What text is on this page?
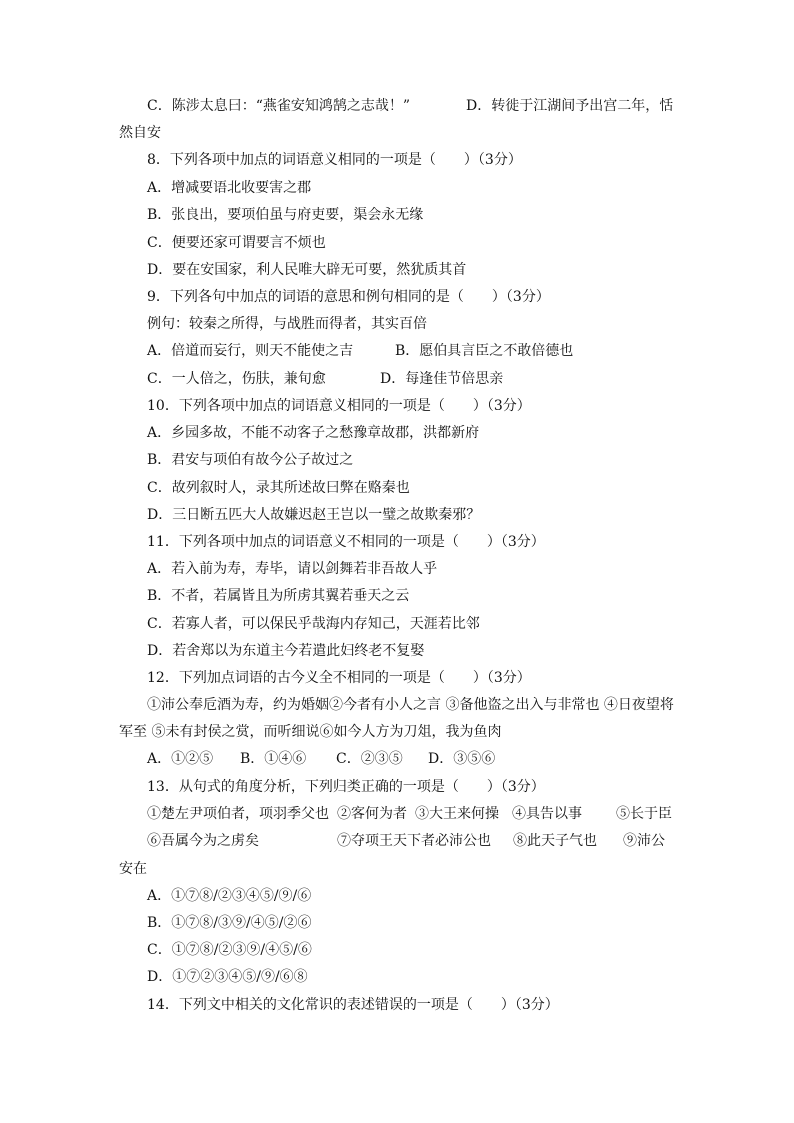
C．陈涉太息曰：“燕雀安知鸿鹄之志哉！”	D．转徙于江湖间予出宫二年，恬
然自安
8．下列各项中加点的词语意义相同的一项是（　　）（3分）
A．增减要语北收要害之郡
B．张良出，要项伯虽与府吏要，渠会永无缘
C．便要还家可谓要言不烦也
D．要在安国家，利人民唯大辟无可要，然犹质其首
9．下列各句中加点的词语的意思和例句相同的是（　　）（3分）
例句：较秦之所得，与战胜而得者，其实百倍
A．倍道而妄行，则天不能使之吉	B．愿伯具言臣之不敢倍德也
C．一人倍之，伤肤，兼旬愈	D．每逢佳节倍思亲
10．下列各项中加点的词语意义相同的一项是（　　）（3分）
A．乡园多故，不能不动客子之愁豫章故郡，洪都新府
B．君安与项伯有故今公子故过之
C．故列叙时人，录其所述故曰弊在赂秦也
D．三日断五匹大人故嫌迟赵王岂以一璧之故欺秦邪？
11．下列各项中加点的词语意义不相同的一项是（　　）（3分）
A．若入前为寿，寿毕，请以剑舞若非吾故人乎
B．不者，若属皆且为所虏其翼若垂天之云
C．若寡人者，可以保民乎哉海内存知己，天涯若比邻
D．若舍郑以为东道主今若遣此妇终老不复娶
12．下列加点词语的古今义全不相同的一项是（　　）（3分）
①沛公奉卮酒为寿，约为婚姻②今者有小人之言 ③备他盗之出入与非常也 ④日夜望将
军至 ⑤未有封侯之赏，而听细说⑥如今人方为刀俎，我为鱼肉
A．①②⑤ B．①④⑥ C．②③⑤ D．③⑤⑥
13．从句式的角度分析，下列归类正确的一项是（　　）（3分）
①楚左尹项伯者，项羽季父也 ②客何为者 ③大王来何操 ④具告以事 ⑤长于臣
⑥吾属今为之虏矣	⑦夺项王天下者必沛公也 ⑧此天子气也 ⑨沛公
安在
A．①⑦⑧/②③④⑤/⑨/⑥
B．①⑦⑧/③⑨/④⑤/②⑥
C．①⑦⑧/②③⑨/④⑤/⑥
D．①⑦②③④⑤/⑨/⑥⑧
14．下列文中相关的文化常识的表述错误的一项是（　　）（3分）
